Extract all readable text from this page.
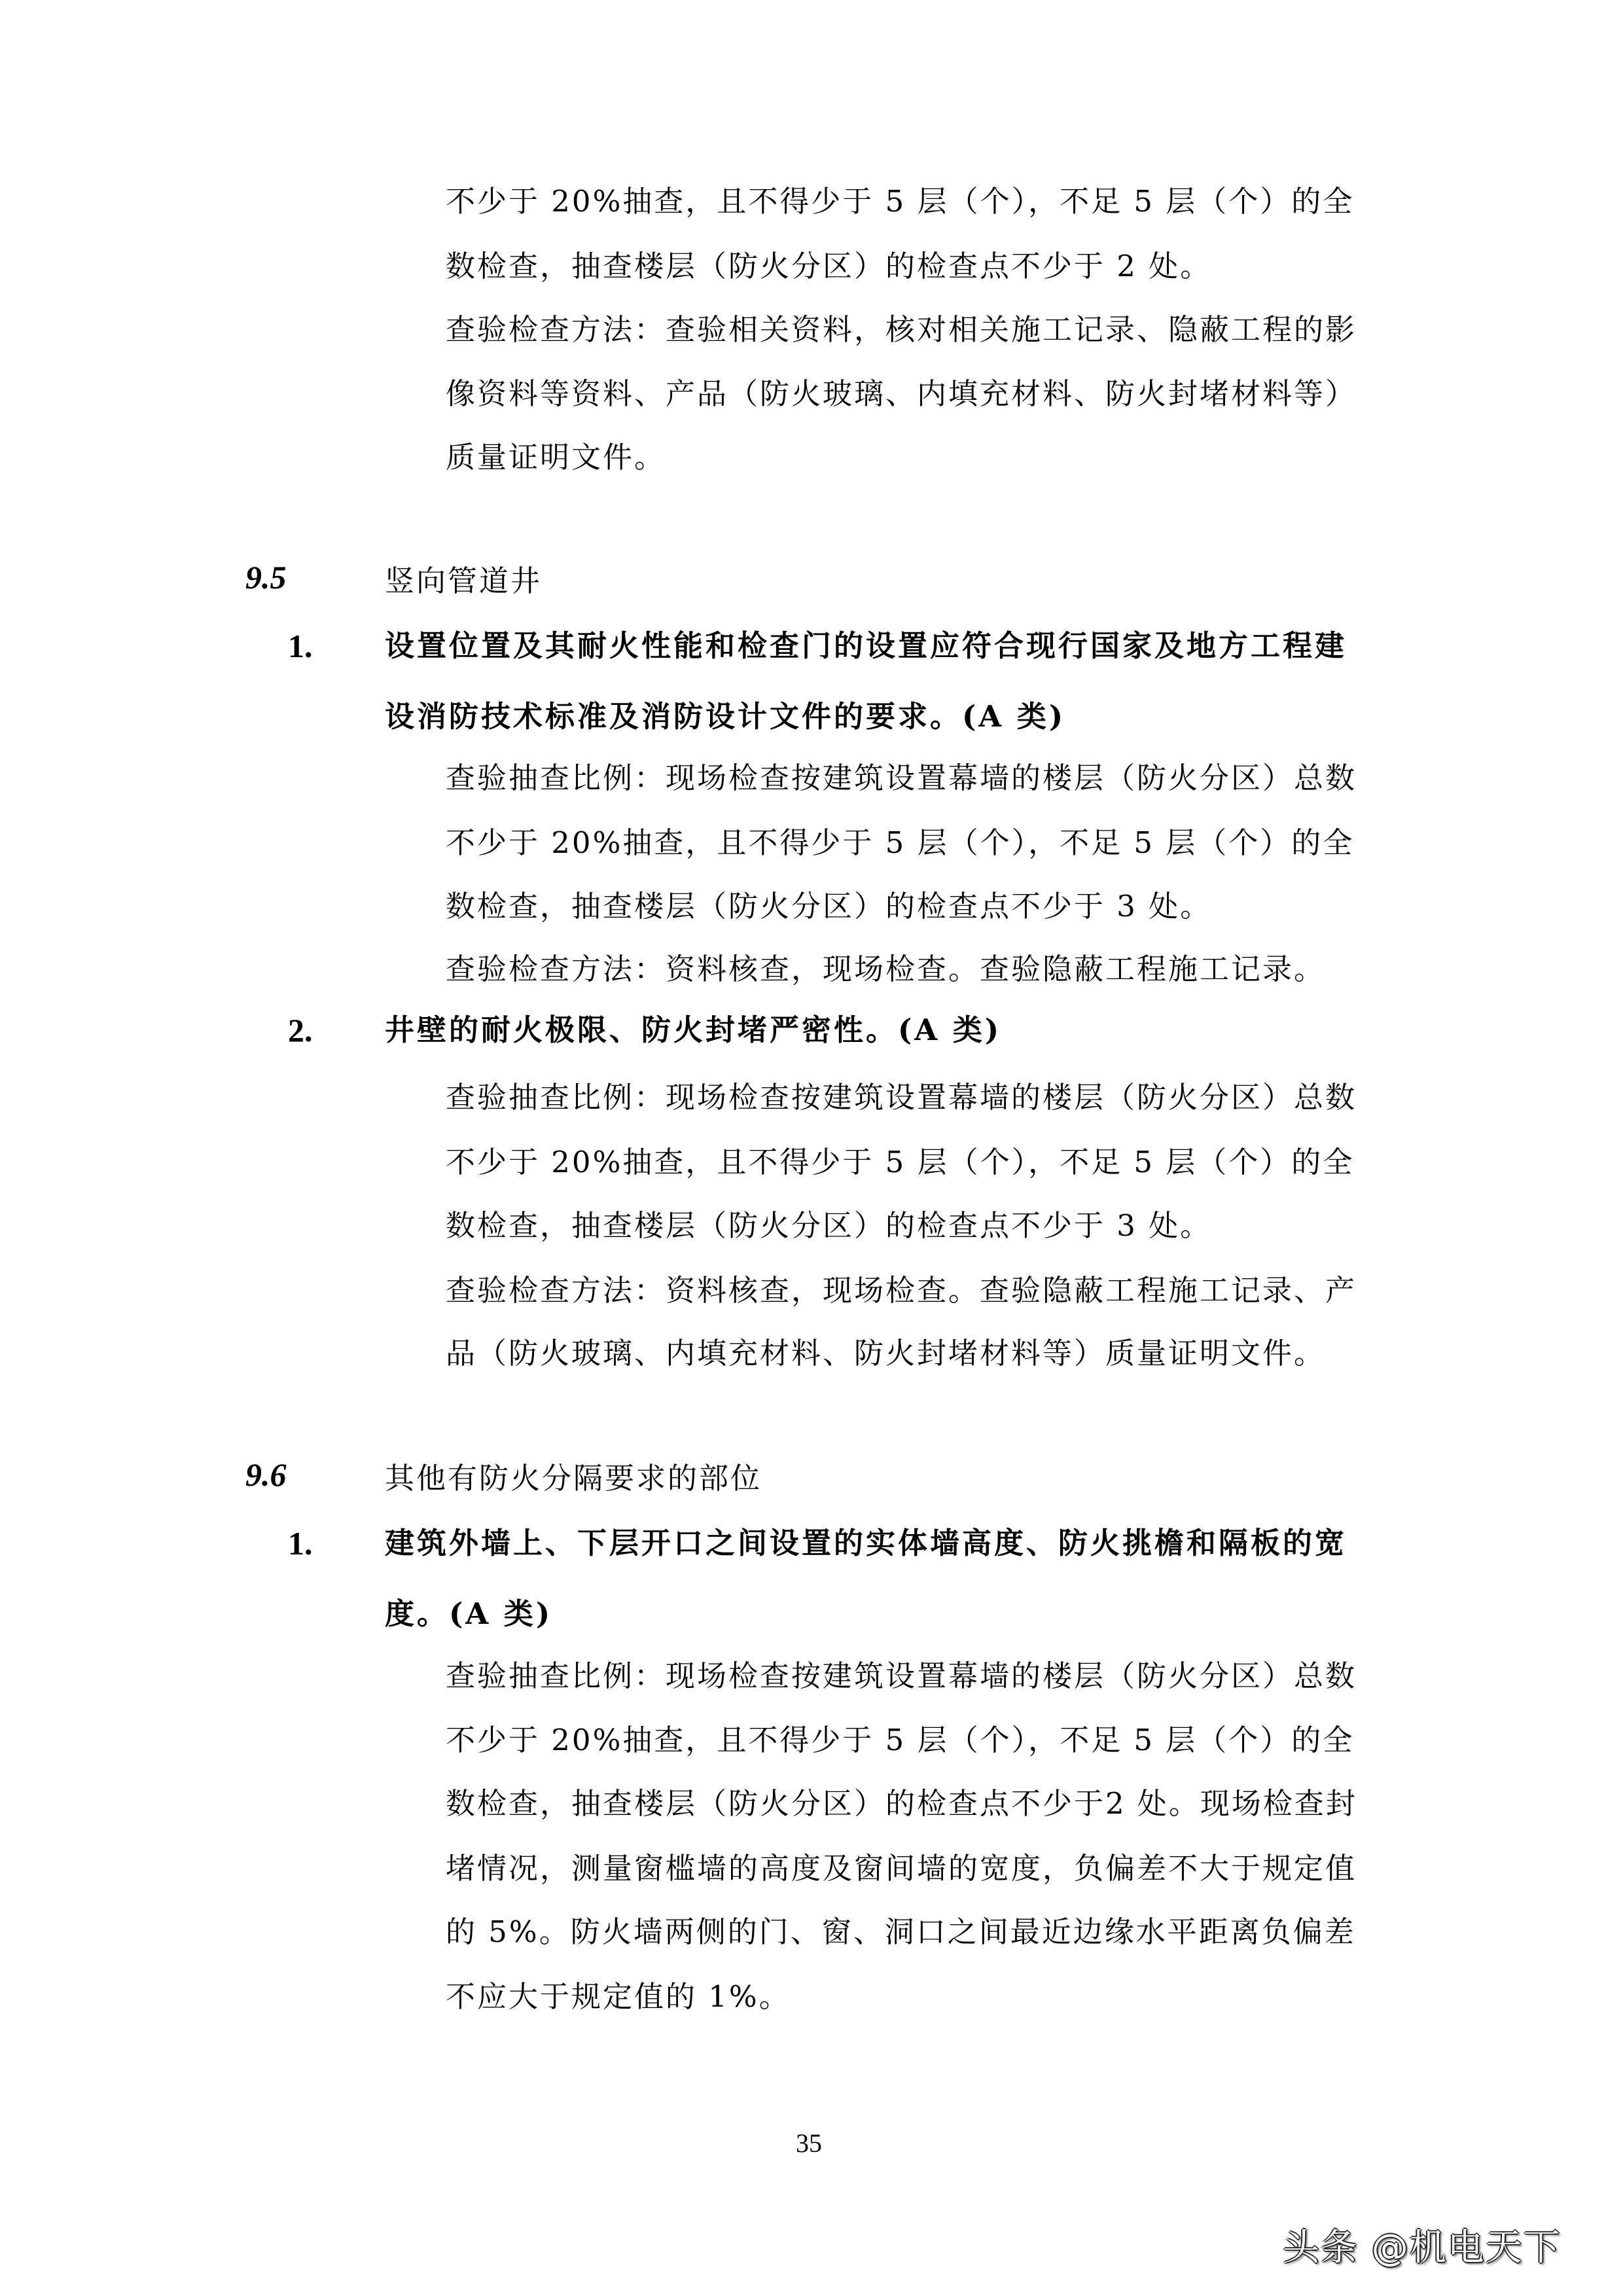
不少于 20%抽查，且不得少于 5 层（个），不足 5 层（个）的全
数检查，抽查楼层（防火分区）的检查点不少于 2 处。
查验检查方法：查验相关资料，核对相关施工记录、隐蔽工程的影
像资料等资料、产品（防火玻璃、内填充材料、防火封堵材料等）
质量证明文件。
9.5	竖向管道井
1. 设置位置及其耐火性能和检查门的设置应符合现行国家及地方工程建
设消防技术标准及消防设计文件的要求。(A 类)
查验抽查比例：现场检查按建筑设置幕墙的楼层（防火分区）总数
不少于 20%抽查，且不得少于 5 层（个），不足 5 层（个）的全
数检查，抽查楼层（防火分区）的检查点不少于 3 处。
查验检查方法：资料核查，现场检查。查验隐蔽工程施工记录。
2. 井壁的耐火极限、防火封堵严密性。(A 类)
查验抽查比例：现场检查按建筑设置幕墙的楼层（防火分区）总数
不少于 20%抽查，且不得少于 5 层（个），不足 5 层（个）的全
数检查，抽查楼层（防火分区）的检查点不少于 3 处。
查验检查方法：资料核查，现场检查。查验隐蔽工程施工记录、产
品（防火玻璃、内填充材料、防火封堵材料等）质量证明文件。
9.6	其他有防火分隔要求的部位
1. 建筑外墙上、下层开口之间设置的实体墙高度、防火挑檐和隔板的宽
度。(A 类)
查验抽查比例：现场检查按建筑设置幕墙的楼层（防火分区）总数
不少于 20%抽查，且不得少于 5 层（个），不足 5 层（个）的全
数检查，抽查楼层（防火分区）的检查点不少于2 处。现场检查封
堵情况，测量窗槛墙的高度及窗间墙的宽度，负偏差不大于规定值
的 5%。防火墙两侧的门、窗、洞口之间最近边缘水平距离负偏差
不应大于规定值的 1%。
35
头条 @机电天下
